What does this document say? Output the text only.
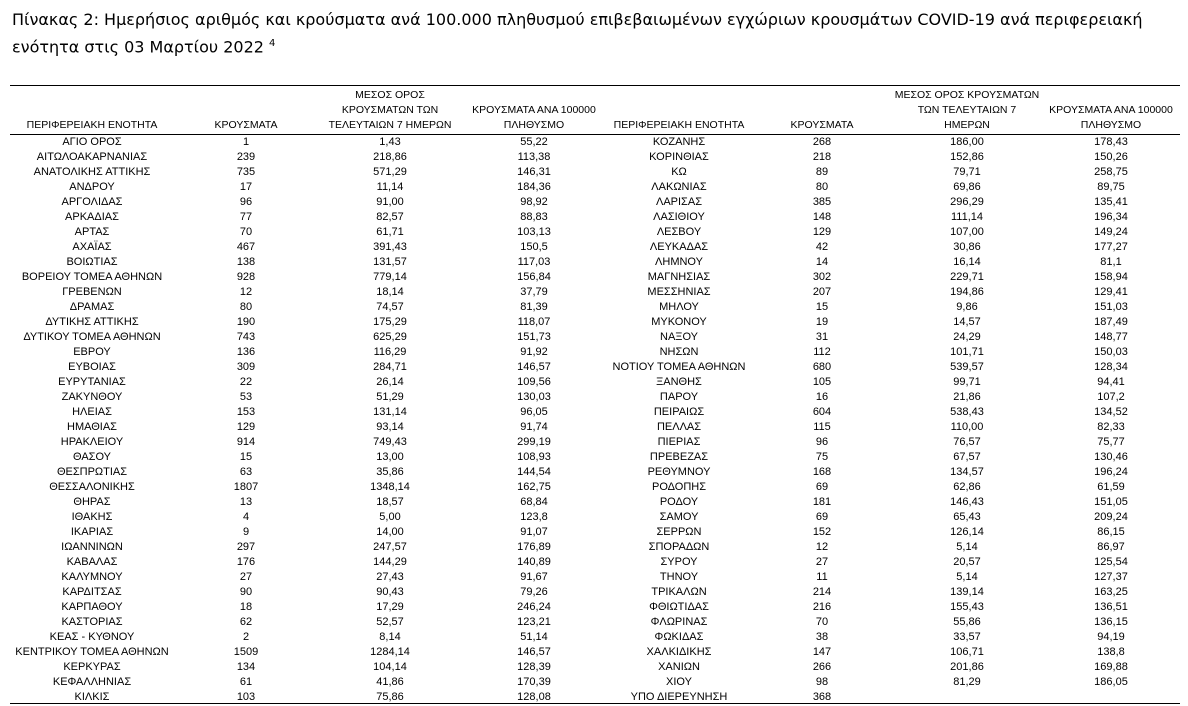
Πίνακας 2: Ημερήσιος αριθμός και κρούσματα ανά 100.000 πληθυσμού επιβεβαιωμένων εγχώριων κρουσμάτων COVID-19 ανά περιφερειακή ενότητα στις 03 Μαρτίου 2022 $^4$
ΠΕΡΙΦΕΡΕΙΑΚΗ ΕΝΟΤΗΤΑ	ΚΡΟΥΣΜΑΤΑ	ΜΕΣΟΣ ΟΡΟΣ ΚΡΟΥΣΜΑΤΩΝ ΤΩΝ ΤΕΛΕΥΤΑΙΩΝ 7 ΗΜΕΡΩΝ	ΚΡΟΥΣΜΑΤΑ ΑΝΑ 100000 ΠΛΗΘΥΣΜΟ
ΑΓΙΟ ΟΡΟΣ	1	1,43	55,22
ΑΙΤΩΛΟΑΚΑΡΝΑΝΙΑΣ	239	218,86	113,38
ΑΝΑΤΟΛΙΚΗΣ ΑΤΤΙΚΗΣ	735	571,29	146,31
ΑΝΔΡΟΥ	17	11,14	184,36
ΑΡΓΟΛΙΔΑΣ	96	91,00	98,92
ΑΡΚΑΔΙΑΣ	77	82,57	88,83
ΑΡΤΑΣ	70	61,71	103,13
ΑΧΑΪΑΣ	467	391,43	150,5
ΒΟΙΩΤΙΑΣ	138	131,57	117,03
ΒΟΡΕΙΟΥ ΤΟΜΕΑ ΑΘΗΝΩΝ	928	779,14	156,84
ΓΡΕΒΕΝΩΝ	12	18,14	37,79
ΔΡΑΜΑΣ	80	74,57	81,39
ΔΥΤΙΚΗΣ ΑΤΤΙΚΗΣ	190	175,29	118,07
ΔΥΤΙΚΟΥ ΤΟΜΕΑ ΑΘΗΝΩΝ	743	625,29	151,73
ΕΒΡΟΥ	136	116,29	91,92
ΕΥΒΟΙΑΣ	309	284,71	146,57
ΕΥΡΥΤΑΝΙΑΣ	22	26,14	109,56
ΖΑΚΥΝΘΟΥ	53	51,29	130,03
ΗΛΕΙΑΣ	153	131,14	96,05
ΗΜΑΘΙΑΣ	129	93,14	91,74
ΗΡΑΚΛΕΙΟΥ	914	749,43	299,19
ΘΑΣΟΥ	15	13,00	108,93
ΘΕΣΠΡΩΤΙΑΣ	63	35,86	144,54
ΘΕΣΣΑΛΟΝΙΚΗΣ	1807	1348,14	162,75
ΘΗΡΑΣ	13	18,57	68,84
ΙΘΑΚΗΣ	4	5,00	123,8
ΙΚΑΡΙΑΣ	9	14,00	91,07
ΙΩΑΝΝΙΝΩΝ	297	247,57	176,89
ΚΑΒΑΛΑΣ	176	144,29	140,89
ΚΑΛΥΜΝΟΥ	27	27,43	91,67
ΚΑΡΔΙΤΣΑΣ	90	90,43	79,26
ΚΑΡΠΑΘΟΥ	18	17,29	246,24
ΚΑΣΤΟΡΙΑΣ	62	52,57	123,21
ΚΕΑΣ - ΚΥΘΝΟΥ	2	8,14	51,14
ΚΕΝΤΡΙΚΟΥ ΤΟΜΕΑ ΑΘΗΝΩΝ	1509	1284,14	146,57
ΚΕΡΚΥΡΑΣ	134	104,14	128,39
ΚΕΦΑΛΛΗΝΙΑΣ	61	41,86	170,39
ΚΙΛΚΙΣ	103	75,86	128,08
ΠΕΡΙΦΕΡΕΙΑΚΗ ΕΝΟΤΗΤΑ	ΚΡΟΥΣΜΑΤΑ	ΜΕΣΟΣ ΟΡΟΣ ΚΡΟΥΣΜΑΤΩΝ ΤΩΝ ΤΕΛΕΥΤΑΙΩΝ 7 ΗΜΕΡΩΝ	ΚΡΟΥΣΜΑΤΑ ΑΝΑ 100000 ΠΛΗΘΥΣΜΟ
ΚΟΖΑΝΗΣ	268	186,00	178,43
ΚΟΡΙΝΘΙΑΣ	218	152,86	150,26
ΚΩ	89	79,71	258,75
ΛΑΚΩΝΙΑΣ	80	69,86	89,75
ΛΑΡΙΣΑΣ	385	296,29	135,41
ΛΑΣΙΘΙΟΥ	148	111,14	196,34
ΛΕΣΒΟΥ	129	107,00	149,24
ΛΕΥΚΑΔΑΣ	42	30,86	177,27
ΛΗΜΝΟΥ	14	16,14	81,1
ΜΑΓΝΗΣΙΑΣ	302	229,71	158,94
ΜΕΣΣΗΝΙΑΣ	207	194,86	129,41
ΜΗΛΟΥ	15	9,86	151,03
ΜΥΚΟΝΟΥ	19	14,57	187,49
ΝΑΞΟΥ	31	24,29	148,77
ΝΗΣΩΝ	112	101,71	150,03
ΝΟΤΙΟΥ ΤΟΜΕΑ ΑΘΗΝΩΝ	680	539,57	128,34
ΞΑΝΘΗΣ	105	99,71	94,41
ΠΑΡΟΥ	16	21,86	107,2
ΠΕΙΡΑΙΩΣ	604	538,43	134,52
ΠΕΛΛΑΣ	115	110,00	82,33
ΠΙΕΡΙΑΣ	96	76,57	75,77
ΠΡΕΒΕΖΑΣ	75	67,57	130,46
ΡΕΘΥΜΝΟΥ	168	134,57	196,24
ΡΟΔΟΠΗΣ	69	62,86	61,59
ΡΟΔΟΥ	181	146,43	151,05
ΣΑΜΟΥ	69	65,43	209,24
ΣΕΡΡΩΝ	152	126,14	86,15
ΣΠΟΡΑΔΩΝ	12	5,14	86,97
ΣΥΡΟΥ	27	20,57	125,54
ΤΗΝΟΥ	11	5,14	127,37
ΤΡΙΚΑΛΩΝ	214	139,14	163,25
ΦΘΙΩΤΙΔΑΣ	216	155,43	136,51
ΦΛΩΡΙΝΑΣ	70	55,86	136,15
ΦΩΚΙΔΑΣ	38	33,57	94,19
ΧΑΛΚΙΔΙΚΗΣ	147	106,71	138,8
ΧΑΝΙΩΝ	266	201,86	169,88
ΧΙΟΥ	98	81,29	186,05
ΥΠΟ ΔΙΕΡΕΥΝΗΣΗ	368		
